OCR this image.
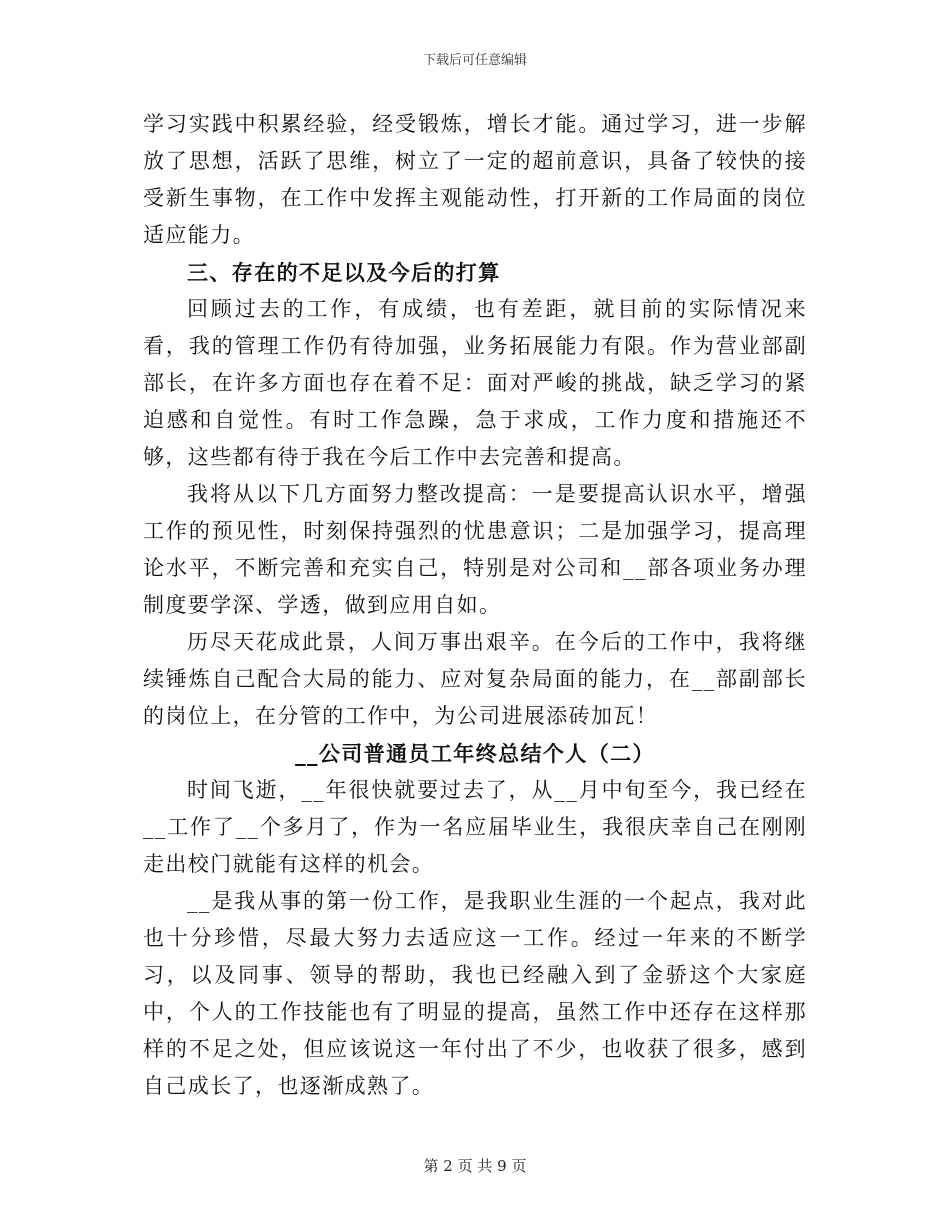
下载后可任意编辑

学习实践中积累经验，经受锻炼，增长才能。通过学习，进一步解放了思想，活跃了思维，树立了一定的超前意识，具备了较快的接受新生事物，在工作中发挥主观能动性，打开新的工作局面的岗位适应能力。

三、存在的不足以及今后的打算

回顾过去的工作，有成绩，也有差距，就目前的实际情况来看，我的管理工作仍有待加强，业务拓展能力有限。作为营业部副部长，在许多方面也存在着不足：面对严峻的挑战，缺乏学习的紧迫感和自觉性。有时工作急躁，急于求成，工作力度和措施还不够，这些都有待于我在今后工作中去完善和提高。

我将从以下几方面努力整改提高：一是要提高认识水平，增强工作的预见性，时刻保持强烈的忧患意识；二是加强学习，提高理论水平，不断完善和充实自己，特别是对公司和__部各项业务办理制度要学深、学透，做到应用自如。

历尽天花成此景，人间万事出艰辛。在今后的工作中，我将继续锤炼自己配合大局的能力、应对复杂局面的能力，在__部副部长的岗位上，在分管的工作中，为公司进展添砖加瓦！

__公司普通员工年终总结个人（二）

时间飞逝，__年很快就要过去了，从__月中旬至今，我已经在__工作了__个多月了，作为一名应届毕业生，我很庆幸自己在刚刚走出校门就能有这样的机会。

__是我从事的第一份工作，是我职业生涯的一个起点，我对此也十分珍惜，尽最大努力去适应这一工作。经过一年来的不断学习，以及同事、领导的帮助，我也已经融入到了金骄这个大家庭中，个人的工作技能也有了明显的提高，虽然工作中还存在这样那样的不足之处，但应该说这一年付出了不少，也收获了很多，感到自己成长了，也逐渐成熟了。

第 2 页 共 9 页
